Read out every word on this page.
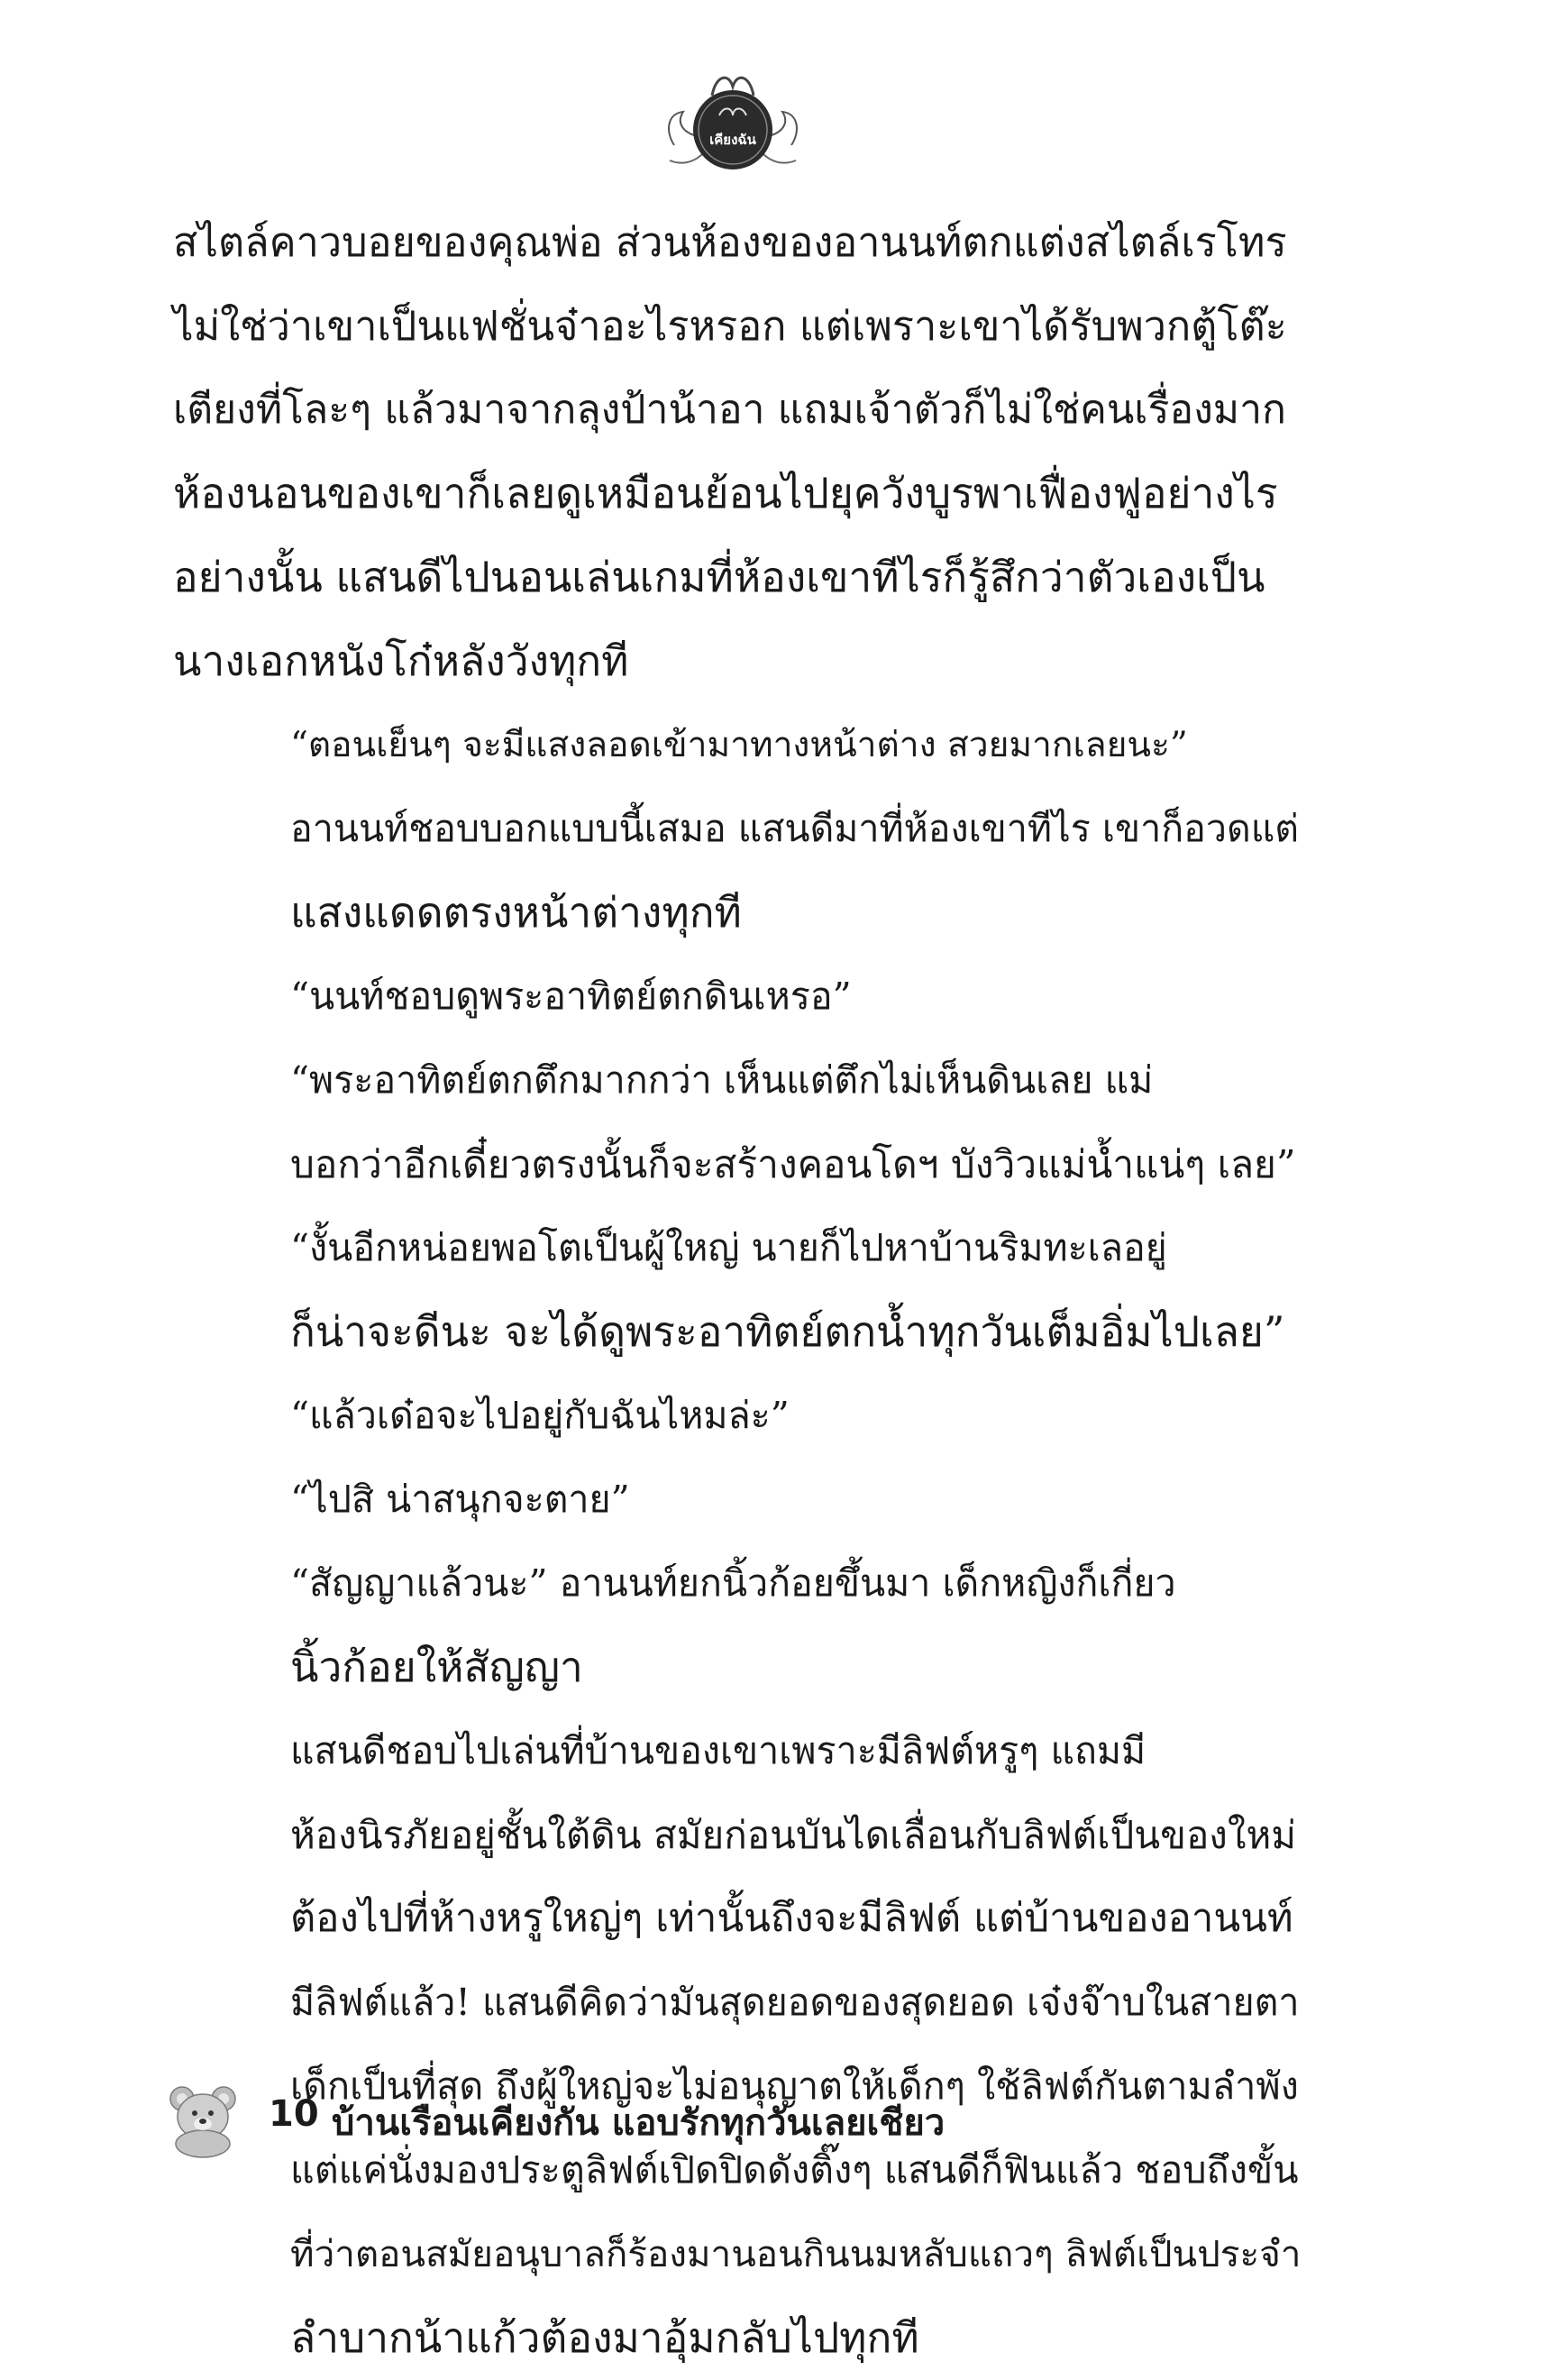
เคียงฉัน

สไตล์คาวบอยของคุณพ่อ ส่วนห้องของอานนท์ตกแต่งสไตล์เรโทร
ไม่ใช่ว่าเขาเป็นแฟชั่นจ๋าอะไรหรอก แต่เพราะเขาได้รับพวกตู้โต๊ะ
เตียงที่โละๆ แล้วมาจากลุงป้าน้าอา แถมเจ้าตัวก็ไม่ใช่คนเรื่องมาก
ห้องนอนของเขาก็เลยดูเหมือนย้อนไปยุควังบูรพาเฟื่องฟูอย่างไร
อย่างนั้น แสนดีไปนอนเล่นเกมที่ห้องเขาทีไรก็รู้สึกว่าตัวเองเป็น
นางเอกหนังโก๋หลังวังทุกที

“ตอนเย็นๆ จะมีแสงลอดเข้ามาทางหน้าต่าง สวยมากเลยนะ”
อานนท์ชอบบอกแบบนี้เสมอ แสนดีมาที่ห้องเขาทีไร เขาก็อวดแต่
แสงแดดตรงหน้าต่างทุกที

“นนท์ชอบดูพระอาทิตย์ตกดินเหรอ”

“พระอาทิตย์ตกตึกมากกว่า เห็นแต่ตึกไม่เห็นดินเลย แม่
บอกว่าอีกเดี๋ยวตรงนั้นก็จะสร้างคอนโดฯ บังวิวแม่น้ำแน่ๆ เลย”

“งั้นอีกหน่อยพอโตเป็นผู้ใหญ่ นายก็ไปหาบ้านริมทะเลอยู่
ก็น่าจะดีนะ จะได้ดูพระอาทิตย์ตกน้ำทุกวันเต็มอิ่มไปเลย”

“แล้วเด๋อจะไปอยู่กับฉันไหมล่ะ”

“ไปสิ น่าสนุกจะตาย”

“สัญญาแล้วนะ” อานนท์ยกนิ้วก้อยขึ้นมา เด็กหญิงก็เกี่ยว
นิ้วก้อยให้สัญญา

แสนดีชอบไปเล่นที่บ้านของเขาเพราะมีลิฟต์หรูๆ แถมมี
ห้องนิรภัยอยู่ชั้นใต้ดิน สมัยก่อนบันไดเลื่อนกับลิฟต์เป็นของใหม่
ต้องไปที่ห้างหรูใหญ่ๆ เท่านั้นถึงจะมีลิฟต์ แต่บ้านของอานนท์
มีลิฟต์แล้ว! แสนดีคิดว่ามันสุดยอดของสุดยอด เจ๋งจ๊าบในสายตา
เด็กเป็นที่สุด ถึงผู้ใหญ่จะไม่อนุญาตให้เด็กๆ ใช้ลิฟต์กันตามลำพัง
แต่แค่นั่งมองประตูลิฟต์เปิดปิดดังติ๊งๆ แสนดีก็ฟินแล้ว ชอบถึงขั้น
ที่ว่าตอนสมัยอนุบาลก็ร้องมานอนกินนมหลับแถวๆ ลิฟต์เป็นประจำ
ลำบากน้าแก้วต้องมาอุ้มกลับไปทุกที

10 บ้านเรือนเคียงกัน แอบรักทุกวันเลยเชียว
